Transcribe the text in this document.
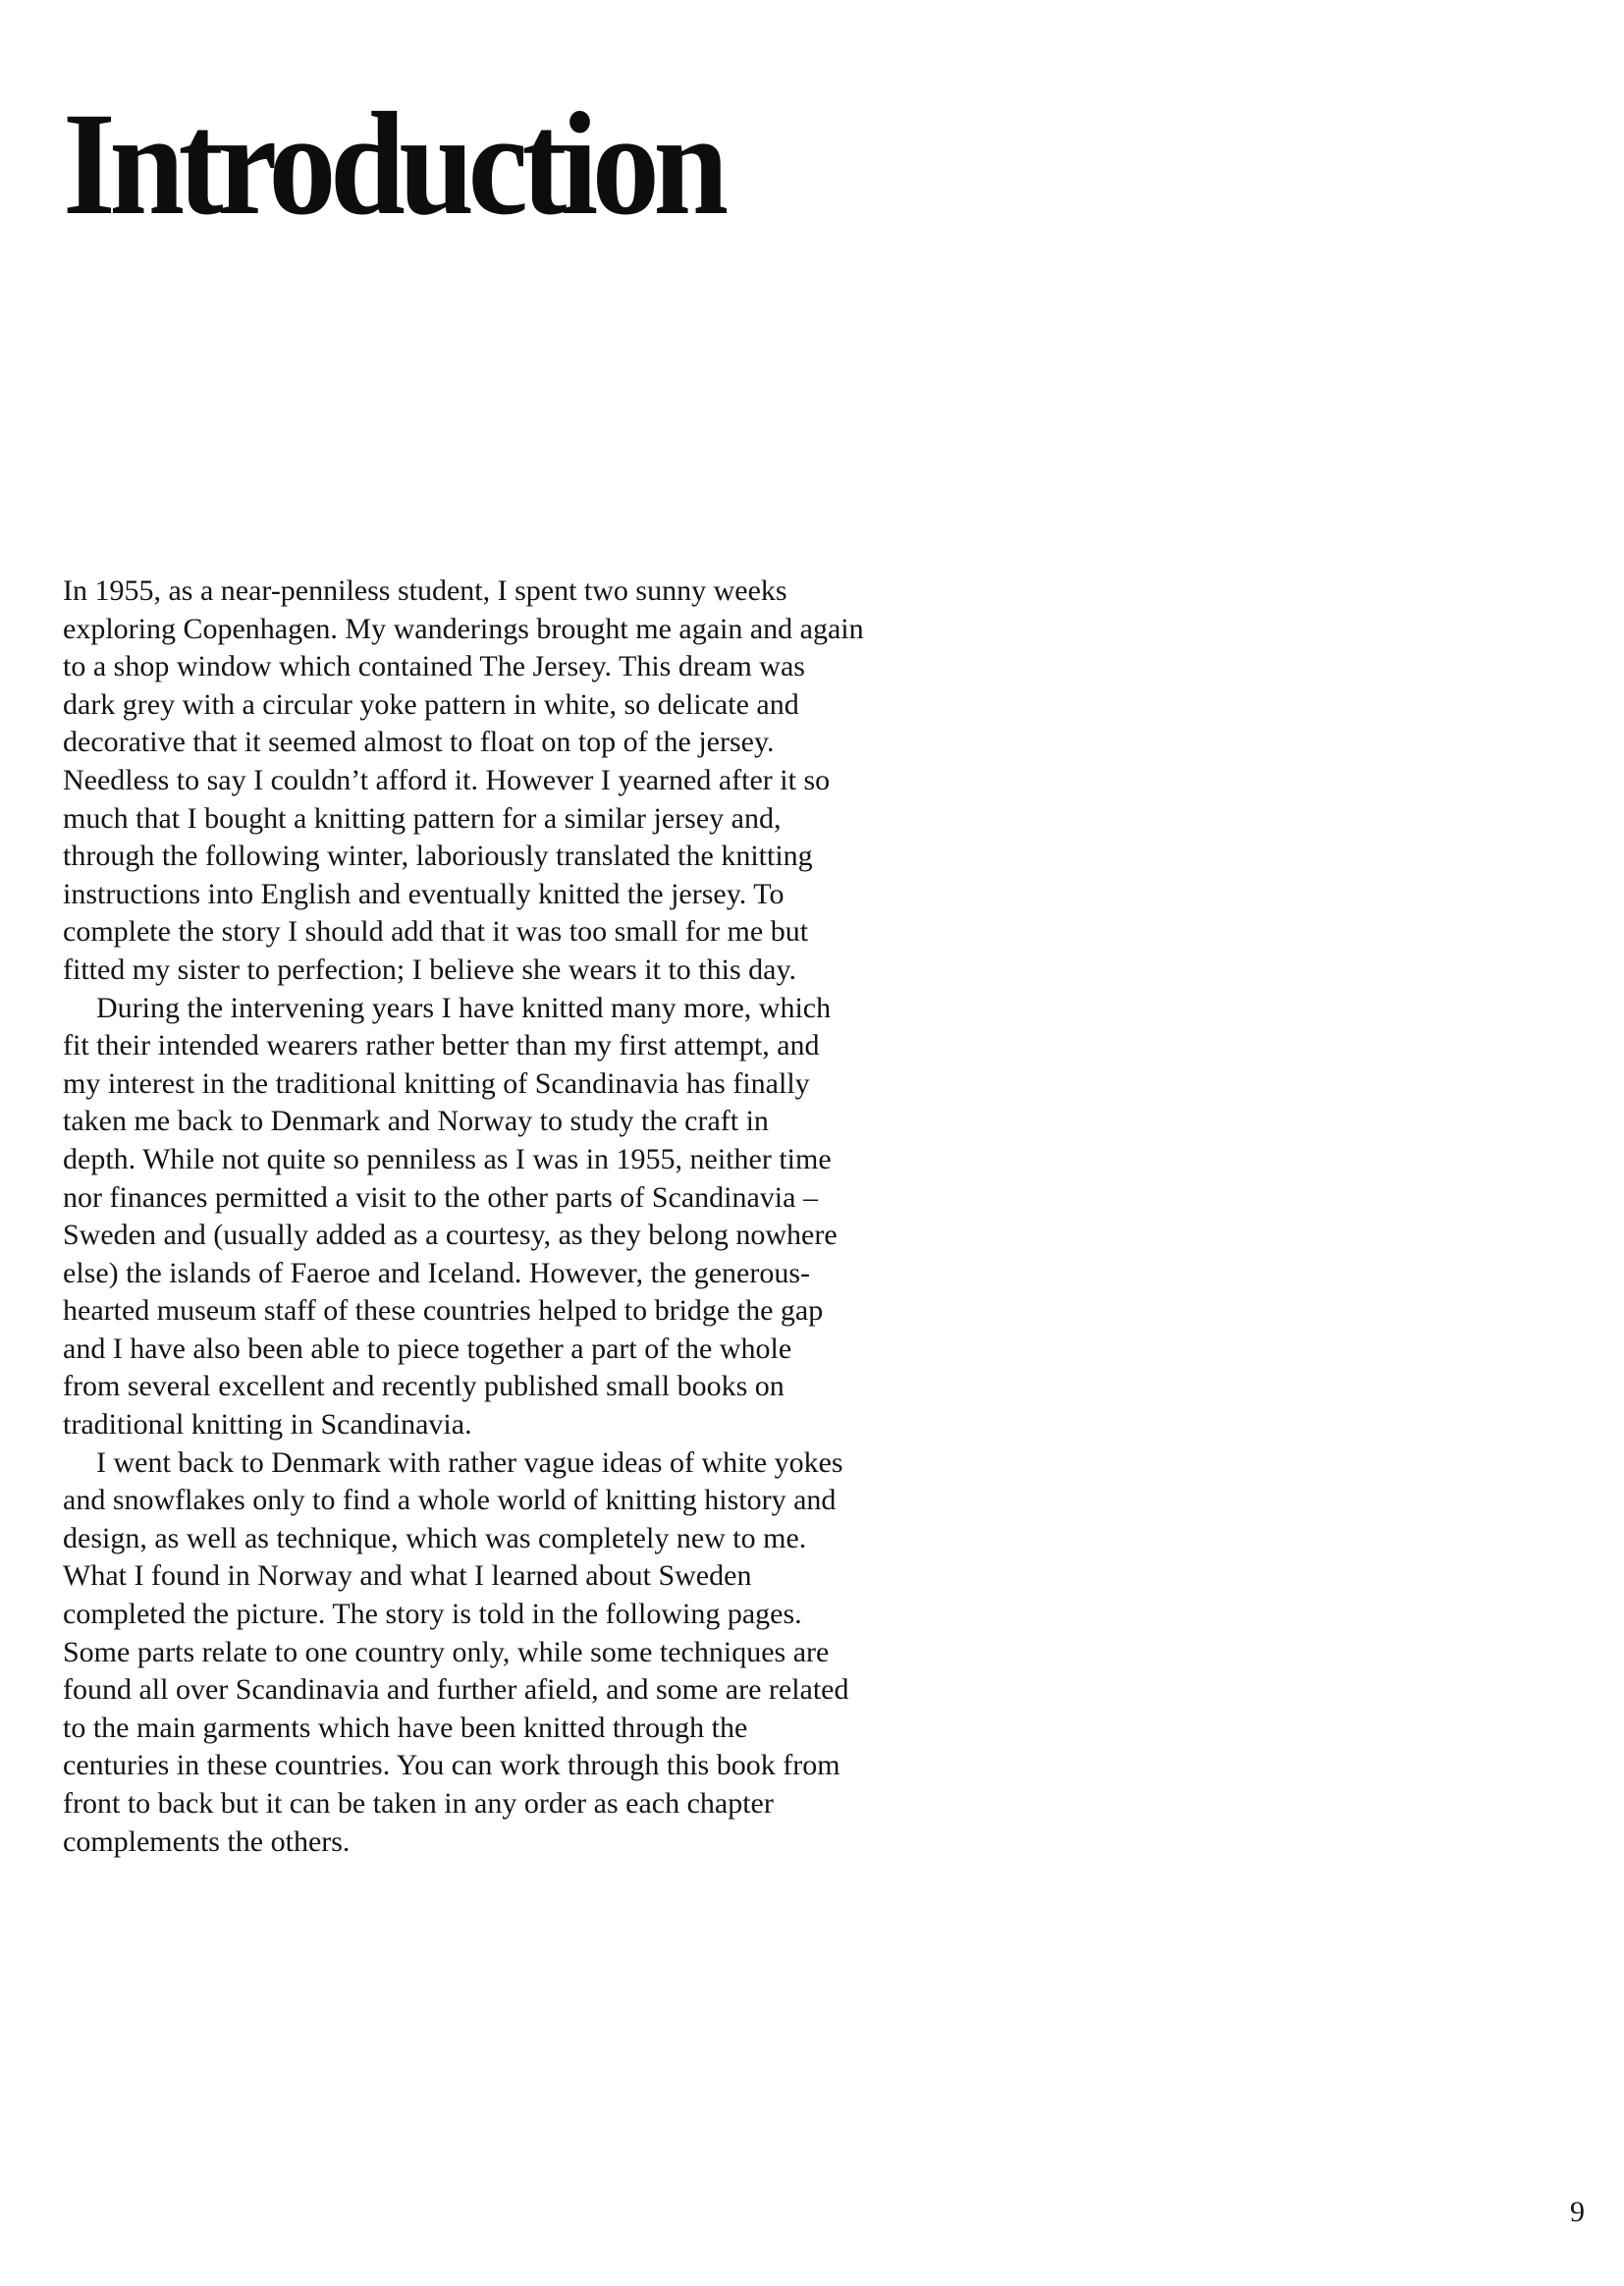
Introduction
In 1955, as a near-penniless student, I spent two sunny weeks
exploring Copenhagen. My wanderings brought me again and again
to a shop window which contained The Jersey. This dream was
dark grey with a circular yoke pattern in white, so delicate and
decorative that it seemed almost to float on top of the jersey.
Needless to say I couldn’t afford it. However I yearned after it so
much that I bought a knitting pattern for a similar jersey and,
through the following winter, laboriously translated the knitting
instructions into English and eventually knitted the jersey. To
complete the story I should add that it was too small for me but
fitted my sister to perfection; I believe she wears it to this day.
During the intervening years I have knitted many more, which
fit their intended wearers rather better than my first attempt, and
my interest in the traditional knitting of Scandinavia has finally
taken me back to Denmark and Norway to study the craft in
depth. While not quite so penniless as I was in 1955, neither time
nor finances permitted a visit to the other parts of Scandinavia –
Sweden and (usually added as a courtesy, as they belong nowhere
else) the islands of Faeroe and Iceland. However, the generous-
hearted museum staff of these countries helped to bridge the gap
and I have also been able to piece together a part of the whole
from several excellent and recently published small books on
traditional knitting in Scandinavia.
I went back to Denmark with rather vague ideas of white yokes
and snowflakes only to find a whole world of knitting history and
design, as well as technique, which was completely new to me.
What I found in Norway and what I learned about Sweden
completed the picture. The story is told in the following pages.
Some parts relate to one country only, while some techniques are
found all over Scandinavia and further afield, and some are related
to the main garments which have been knitted through the
centuries in these countries. You can work through this book from
front to back but it can be taken in any order as each chapter
complements the others.
9
